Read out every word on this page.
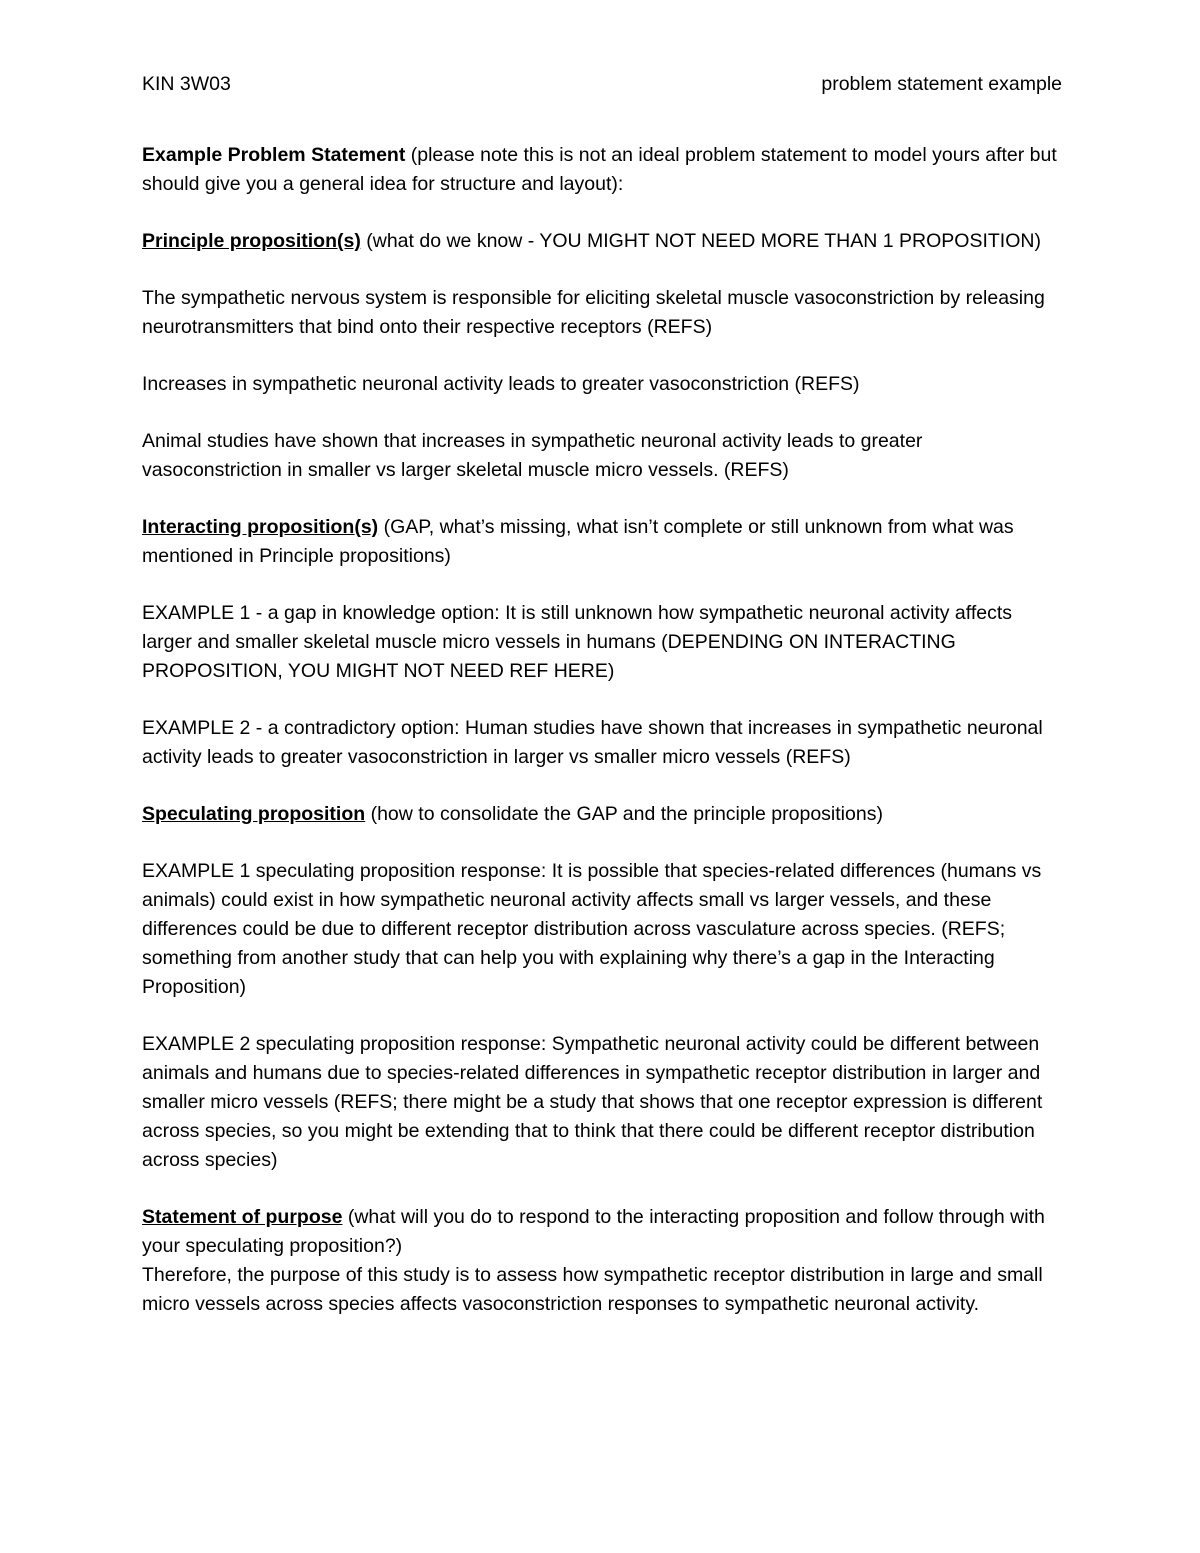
KIN 3W03	problem statement example

Example Problem Statement (please note this is not an ideal problem statement to model yours after but should give you a general idea for structure and layout):

Principle proposition(s) (what do we know - YOU MIGHT NOT NEED MORE THAN 1 PROPOSITION)

The sympathetic nervous system is responsible for eliciting skeletal muscle vasoconstriction by releasing neurotransmitters that bind onto their respective receptors (REFS)

Increases in sympathetic neuronal activity leads to greater vasoconstriction (REFS)

Animal studies have shown that increases in sympathetic neuronal activity leads to greater vasoconstriction in smaller vs larger skeletal muscle micro vessels. (REFS)

Interacting proposition(s) (GAP, what’s missing, what isn’t complete or still unknown from what was mentioned in Principle propositions)

EXAMPLE 1 - a gap in knowledge option: It is still unknown how sympathetic neuronal activity affects larger and smaller skeletal muscle micro vessels in humans (DEPENDING ON INTERACTING PROPOSITION, YOU MIGHT NOT NEED REF HERE)

EXAMPLE 2 - a contradictory option: Human studies have shown that increases in sympathetic neuronal activity leads to greater vasoconstriction in larger vs smaller micro vessels (REFS)

Speculating proposition (how to consolidate the GAP and the principle propositions)

EXAMPLE 1 speculating proposition response: It is possible that species-related differences (humans vs animals) could exist in how sympathetic neuronal activity affects small vs larger vessels, and these differences could be due to different receptor distribution across vasculature across species. (REFS; something from another study that can help you with explaining why there’s a gap in the Interacting Proposition)

EXAMPLE 2 speculating proposition response: Sympathetic neuronal activity could be different between animals and humans due to species-related differences in sympathetic receptor distribution in larger and smaller micro vessels (REFS; there might be a study that shows that one receptor expression is different across species, so you might be extending that to think that there could be different receptor distribution across species)

Statement of purpose (what will you do to respond to the interacting proposition and follow through with your speculating proposition?)

Therefore, the purpose of this study is to assess how sympathetic receptor distribution in large and small micro vessels across species affects vasoconstriction responses to sympathetic neuronal activity.
